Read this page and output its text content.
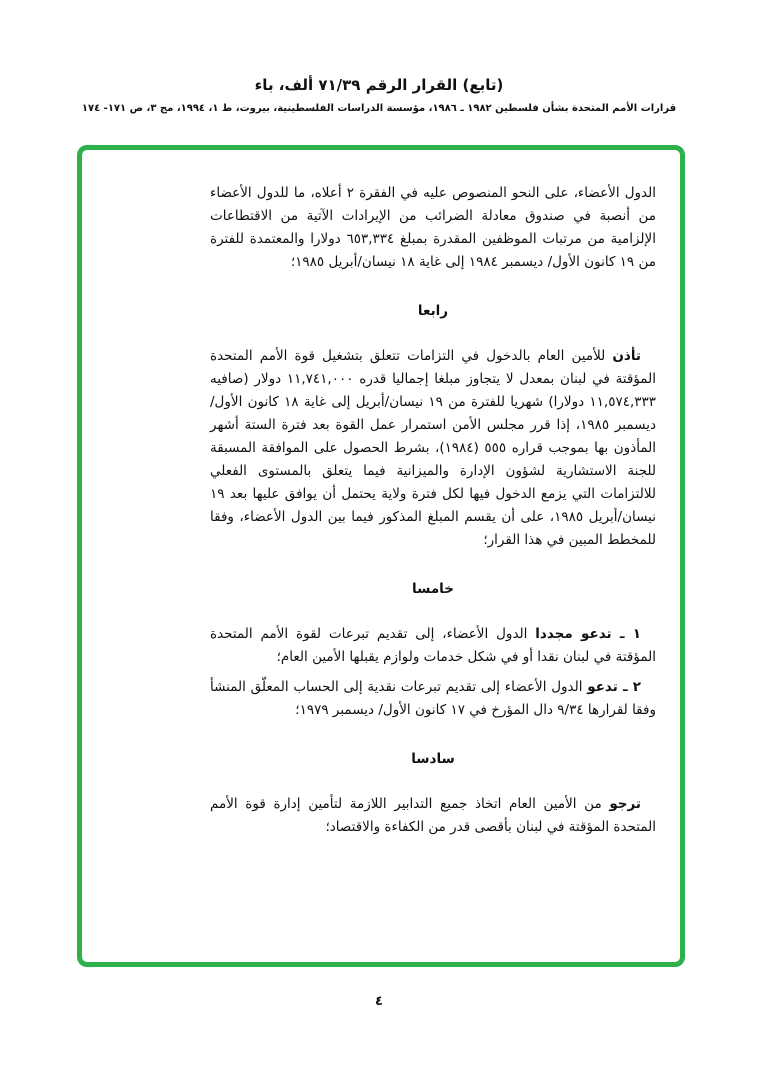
(تابع) القرار الرقم ٧١/٣٩ ألف، باء
قرارات الأمم المتحدة بشأن فلسطين ١٩٨٢ ـ ١٩٨٦، مؤسسة الدراسات الفلسطينية، بيروت، ط ١، ١٩٩٤، مج ٣، ص ١٧١- ١٧٤

الدول الأعضاء، على النحو المنصوص عليه في الفقرة ٢ أعلاه، ما للدول الأعضاء من أنصبة في صندوق معادلة الضرائب من الإيرادات الآتية من الاقتطاعات الإلزامية من مرتبات الموظفين المقدرة بمبلغ ٦٥٣,٣٣٤ دولارا والمعتمدة للفترة من ١٩ كانون الأول/ ديسمبر ١٩٨٤ إلى غاية ١٨ نيسان/أبريل ١٩٨٥؛

رابعا

تأذن للأمين العام بالدخول في التزامات تتعلق بتشغيل قوة الأمم المتحدة المؤقتة في لبنان بمعدل لا يتجاوز مبلغا إجماليا قدره ١١,٧٤١,٠٠٠ دولار (صافيه ١١,٥٧٤,٣٣٣ دولارا) شهريا للفترة من ١٩ نيسان/أبريل إلى غاية ١٨ كانون الأول/ديسمبر ١٩٨٥، إذا قرر مجلس الأمن استمرار عمل القوة بعد فترة الستة أشهر المأذون بها بموجب قراره ٥٥٥ (١٩٨٤)، بشرط الحصول على الموافقة المسبقة للجنة الاستشارية لشؤون الإدارة والميزانية فيما يتعلق بالمستوى الفعلي للالتزامات التي يزمع الدخول فيها لكل فترة ولاية يحتمل أن يوافق عليها بعد ١٩ نيسان/أبريل ١٩٨٥، على أن يقسم المبلغ المذكور فيما بين الدول الأعضاء، وفقا للمخطط المبين في هذا القرار؛

خامسا

١ ـ تدعو مجددا الدول الأعضاء، إلى تقديم تبرعات لقوة الأمم المتحدة المؤقتة في لبنان نقدا أو في شكل خدمات ولوازم يقبلها الأمين العام؛

٢ ـ تدعو الدول الأعضاء إلى تقديم تبرعات نقدية إلى الحساب المعلّق المنشأ وفقا لقرارها ٩/٣٤ دال المؤرخ في ١٧ كانون الأول/ ديسمبر ١٩٧٩؛

سادسا

ترجو من الأمين العام اتخاذ جميع التدابير اللازمة لتأمين إدارة قوة الأمم المتحدة المؤقتة في لبنان بأقصى قدر من الكفاءة والاقتصاد؛

٤
